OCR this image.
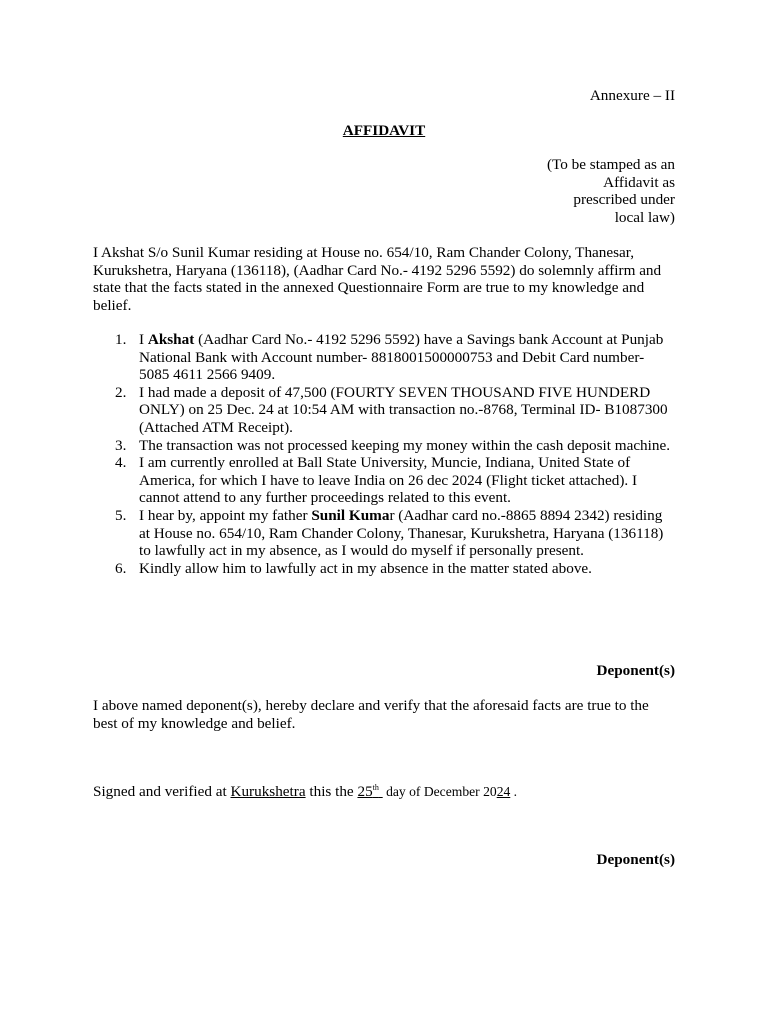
Annexure – II
AFFIDAVIT
(To be stamped as an Affidavit as prescribed under local law)

I Akshat S/o Sunil Kumar residing at House no. 654/10, Ram Chander Colony, Thanesar, Kurukshetra, Haryana (136118), (Aadhar Card No.- 4192 5296 5592) do solemnly affirm and state that the facts stated in the annexed Questionnaire Form are true to my knowledge and belief.

1. I Akshat (Aadhar Card No.- 4192 5296 5592) have a Savings bank Account at Punjab National Bank with Account number- 8818001500000753 and Debit Card number- 5085 4611 2566 9409.
2. I had made a deposit of 47,500 (FOURTY SEVEN THOUSAND FIVE HUNDERD ONLY) on 25 Dec. 24 at 10:54 AM with transaction no.-8768, Terminal ID- B1087300 (Attached ATM Receipt).
3. The transaction was not processed keeping my money within the cash deposit machine.
4. I am currently enrolled at Ball State University, Muncie, Indiana, United State of America, for which I have to leave India on 26 dec 2024 (Flight ticket attached). I cannot attend to any further proceedings related to this event.
5. I hear by, appoint my father Sunil Kumar (Aadhar card no.-8865 8894 2342) residing at House no. 654/10, Ram Chander Colony, Thanesar, Kurukshetra, Haryana (136118) to lawfully act in my absence, as I would do myself if personally present.
6. Kindly allow him to lawfully act in my absence in the matter stated above.
Deponent(s)

I above named deponent(s), hereby declare and verify that the aforesaid facts are true to the best of my knowledge and belief.

Signed and verified at Kurukshetra this the 25th  day of December 2024 .
Deponent(s)
